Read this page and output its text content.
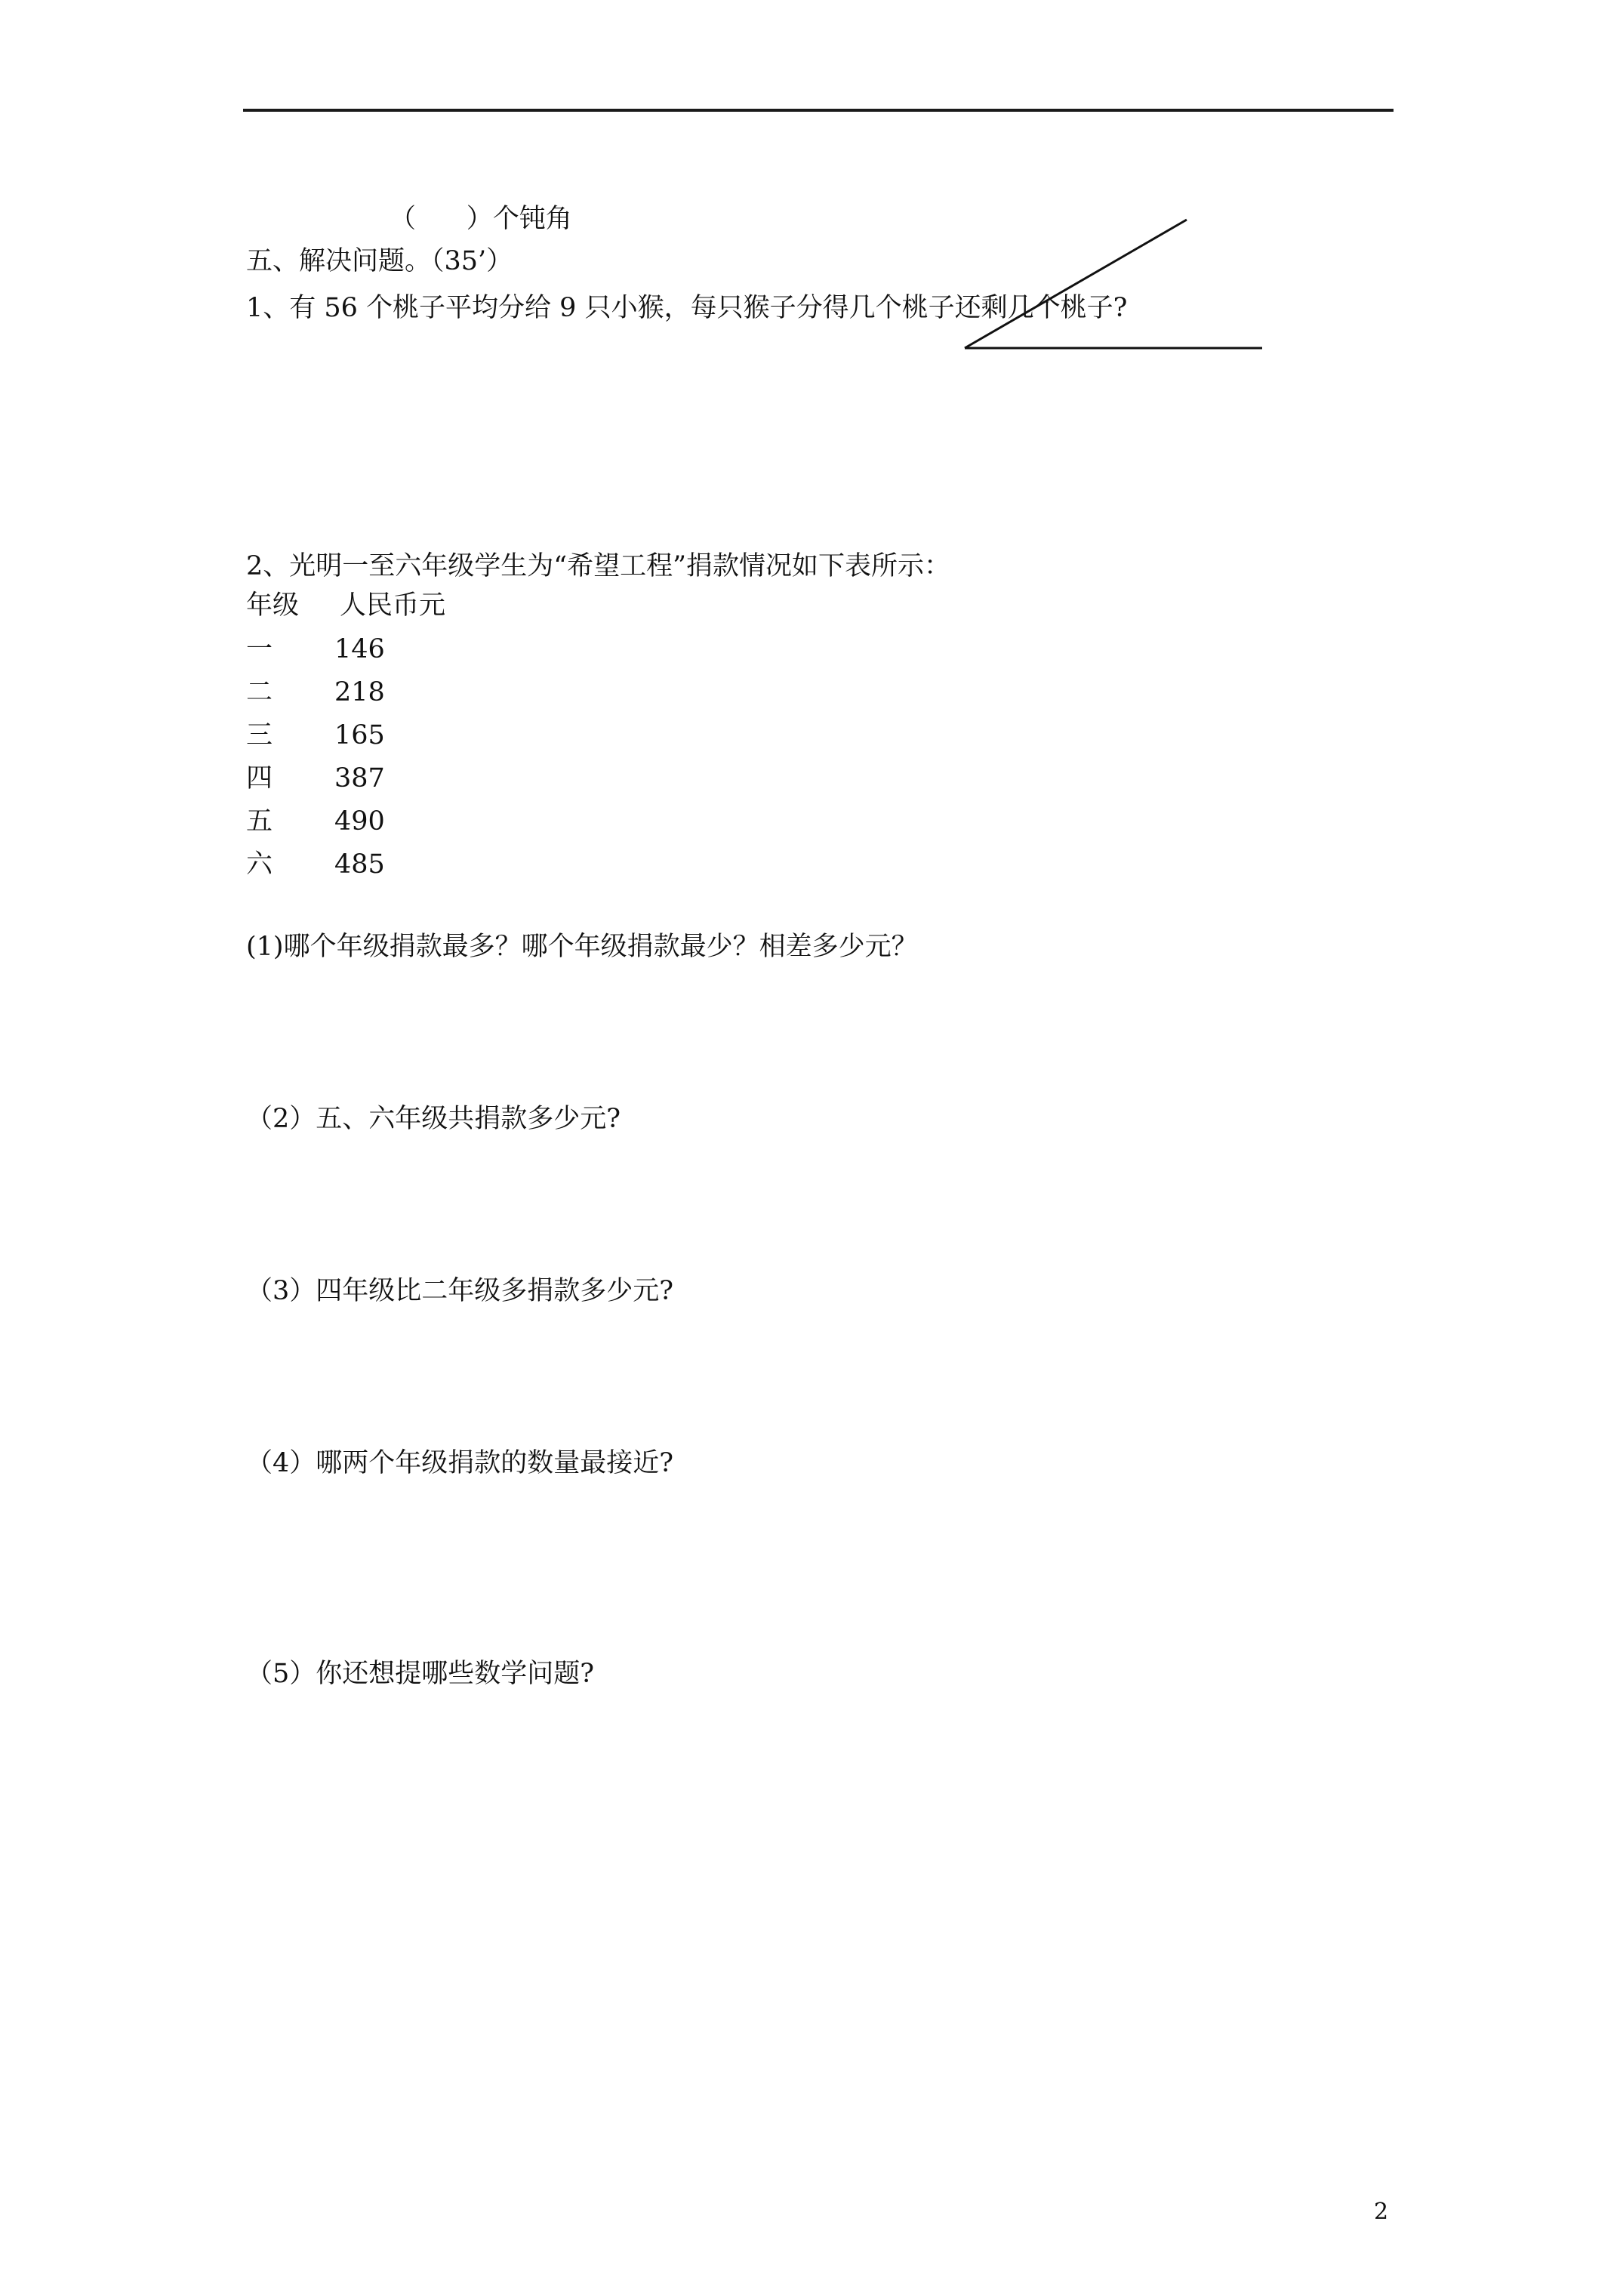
（      ）个钝角
五、解决问题。（35’）
1、有 56 个桃子平均分给 9 只小猴，每只猴子分得几个桃子还剩几个桃子?
2、光明一至六年级学生为“希望工程”捐款情况如下表所示：
年级 人民币元
一 146
二 218
三 165
四 387
五 490
六 485
(1)哪个年级捐款最多？哪个年级捐款最少？相差多少元？
（2）五、六年级共捐款多少元?
（3）四年级比二年级多捐款多少元?
（4）哪两个年级捐款的数量最接近?
（5）你还想提哪些数学问题?
2
